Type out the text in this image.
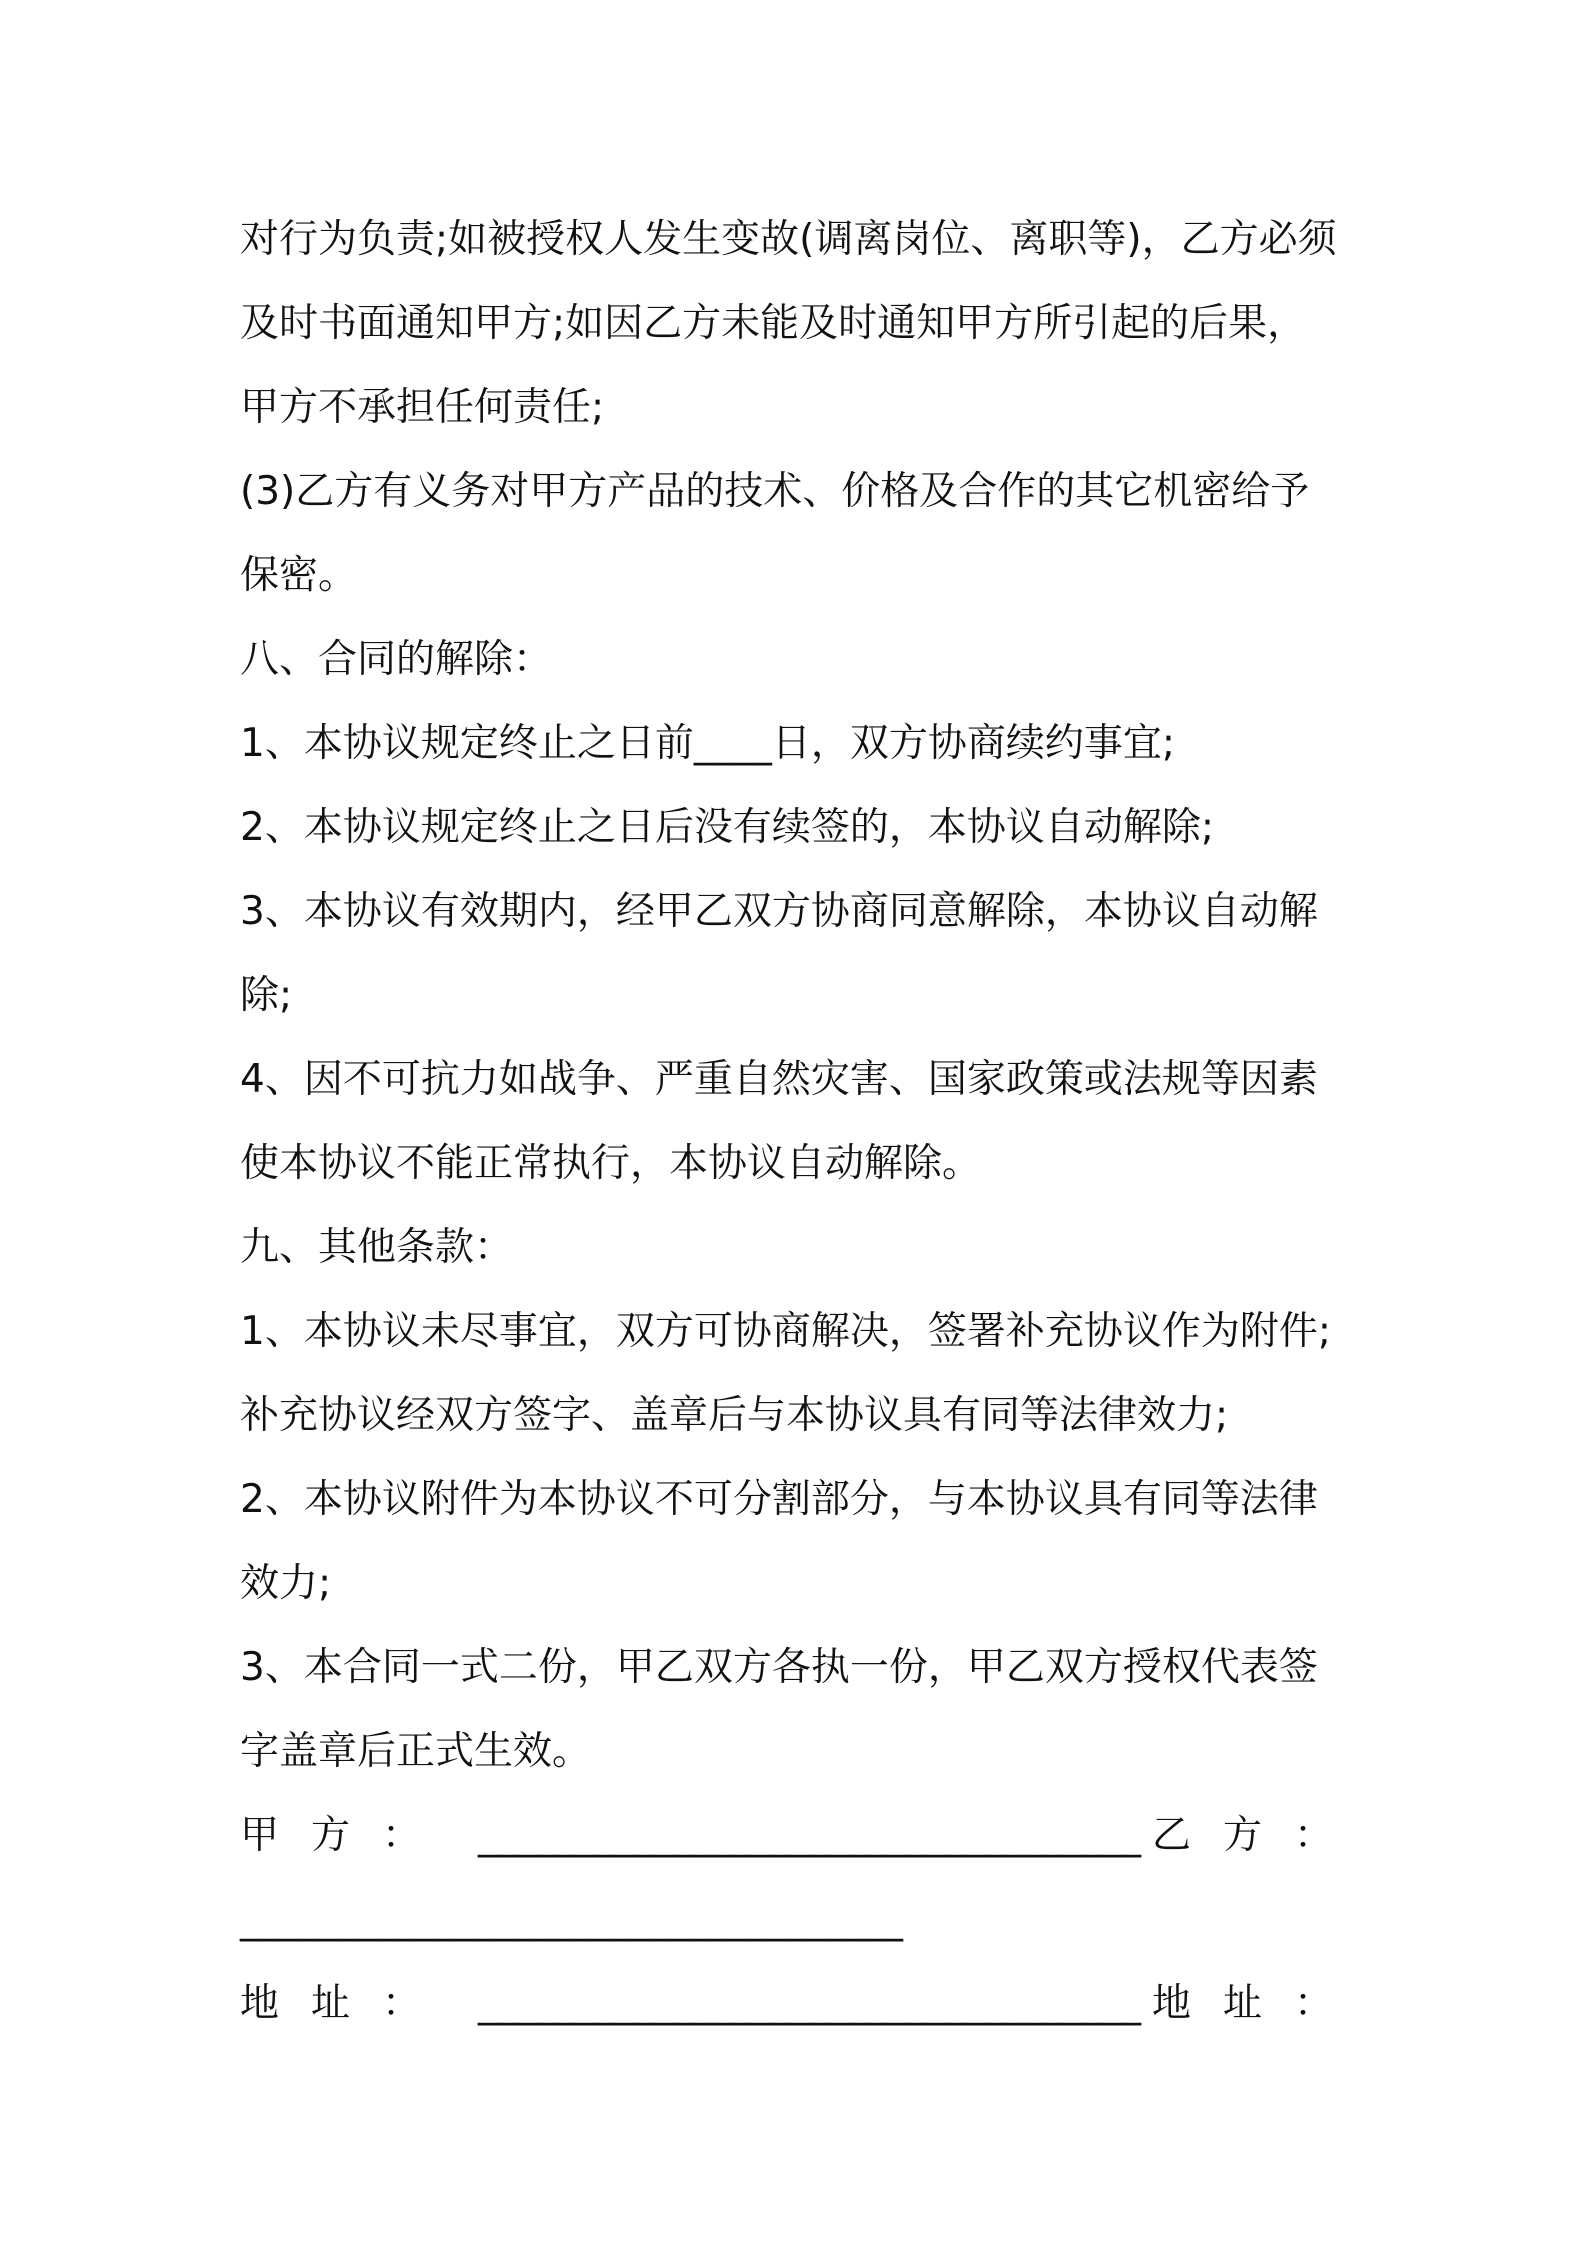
对行为负责;如被授权人发生变故(调离岗位、离职等)，乙方必须
及时书面通知甲方;如因乙方未能及时通知甲方所引起的后果，
甲方不承担任何责任;
(3)乙方有义务对甲方产品的技术、价格及合作的其它机密给予
保密。
八、合同的解除：
1、本协议规定终止之日前____日，双方协商续约事宜;
2、本协议规定终止之日后没有续签的，本协议自动解除;
3、本协议有效期内，经甲乙双方协商同意解除，本协议自动解
除;
4、因不可抗力如战争、严重自然灾害、国家政策或法规等因素
使本协议不能正常执行，本协议自动解除。
九、其他条款：
1、本协议未尽事宜，双方可协商解决，签署补充协议作为附件;
补充协议经双方签字、盖章后与本协议具有同等法律效力;
2、本协议附件为本协议不可分割部分，与本协议具有同等法律
效力;
3、本合同一式二份，甲乙双方各执一份，甲乙双方授权代表签
字盖章后正式生效。
甲方： __________________________________ 乙方：
__________________________________
地址： __________________________________ 地址：
